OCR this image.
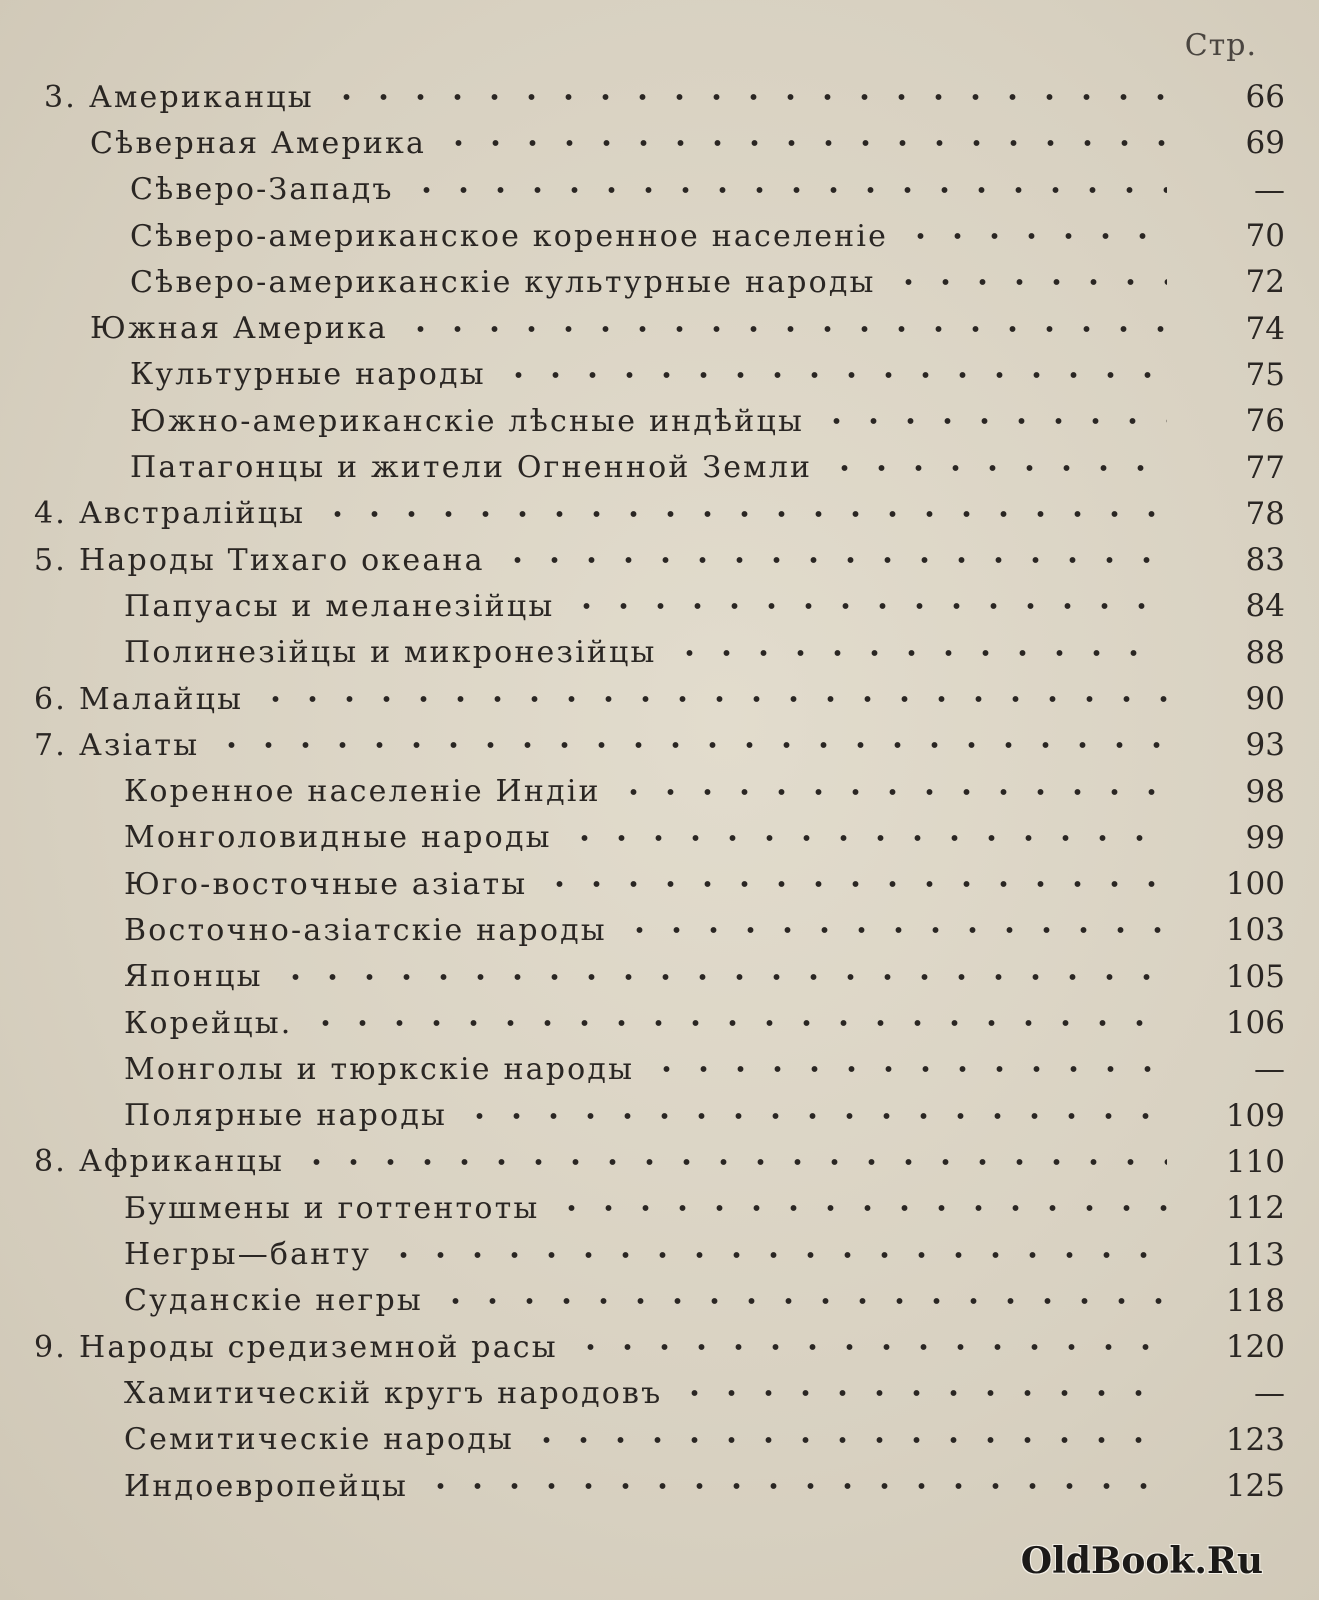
Стр.
3. Американцы	66
Сѣверная Америка	69
Сѣверо-Западъ	—
Сѣверо-американское коренное населенiе	70
Сѣверо-американскiе культурные народы	72
Южная Америка	74
Культурные народы	75
Южно-американскiе лѣсные индѣйцы	76
Патагонцы и жители Огненной Земли	77
4. Австралiйцы	78
5. Народы Тихаго океана	83
Папуасы и меланезiйцы	84
Полинезiйцы и микронезiйцы	88
6. Малайцы	90
7. Азiаты	93
Коренное населенiе Индiи	98
Монголовидные народы	99
Юго-восточные азiаты	100
Восточно-азiатскiе народы	103
Японцы	105
Корейцы.	106
Монголы и тюркскiе народы	—
Полярные народы	109
8. Африканцы	110
Бушмены и готтентоты	112
Негры—банту	113
Суданскiе негры	118
9. Народы средиземной расы	120
Хамитическiй кругъ народовъ	—
Семитическiе народы	123
Индоевропейцы	125
OldBook.Ru
